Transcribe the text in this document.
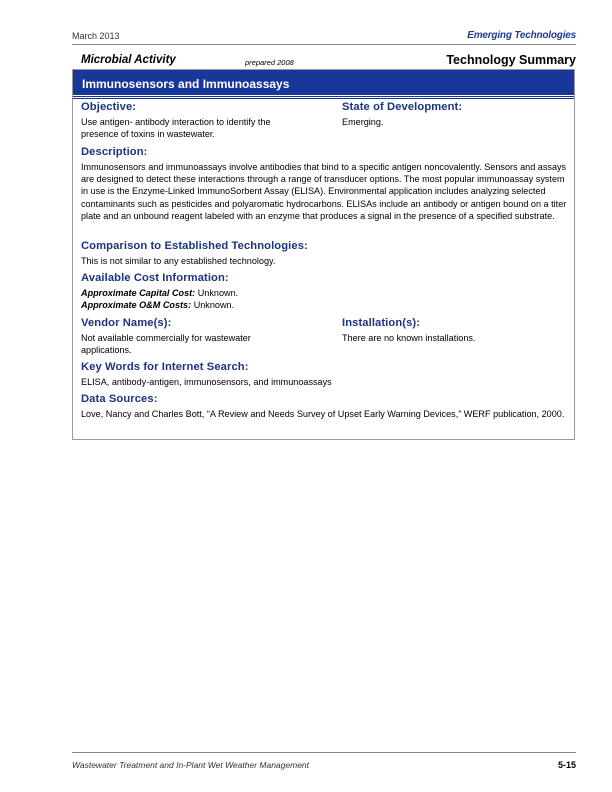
March 2013	Emerging Technologies
Microbial Activity	prepared 2008	Technology Summary
Immunosensors and Immunoassays
Objective:
Use antigen- antibody interaction to identify the presence of toxins in wastewater.
State of Development:
Emerging.
Description:
Immunosensors and immunoassays involve antibodies that bind to a specific antigen noncovalently. Sensors and assays are designed to detect these interactions through a range of transducer options. The most popular immunoassay system in use is the Enzyme-Linked ImmunoSorbent Assay (ELISA). Environmental application includes analyzing selected contaminants such as pesticides and polyaromatic hydrocarbons. ELISAs include an antibody or antigen bound on a titer plate and an unbound reagent labeled with an enzyme that produces a signal in the presence of a specified substrate.
Comparison to Established Technologies:
This is not similar to any established technology.
Available Cost Information:
Approximate Capital Cost: Unknown.
Approximate O&M Costs: Unknown.
Vendor Name(s):
Not available commercially for wastewater applications.
Installation(s):
There are no known installations.
Key Words for Internet Search:
ELISA, antibody-antigen, immunosensors, and immunoassays
Data Sources:
Love, Nancy and Charles Bott, “A Review and Needs Survey of Upset Early Warning Devices,” WERF publication, 2000.
Wastewater Treatment and In-Plant Wet Weather Management	5-15
